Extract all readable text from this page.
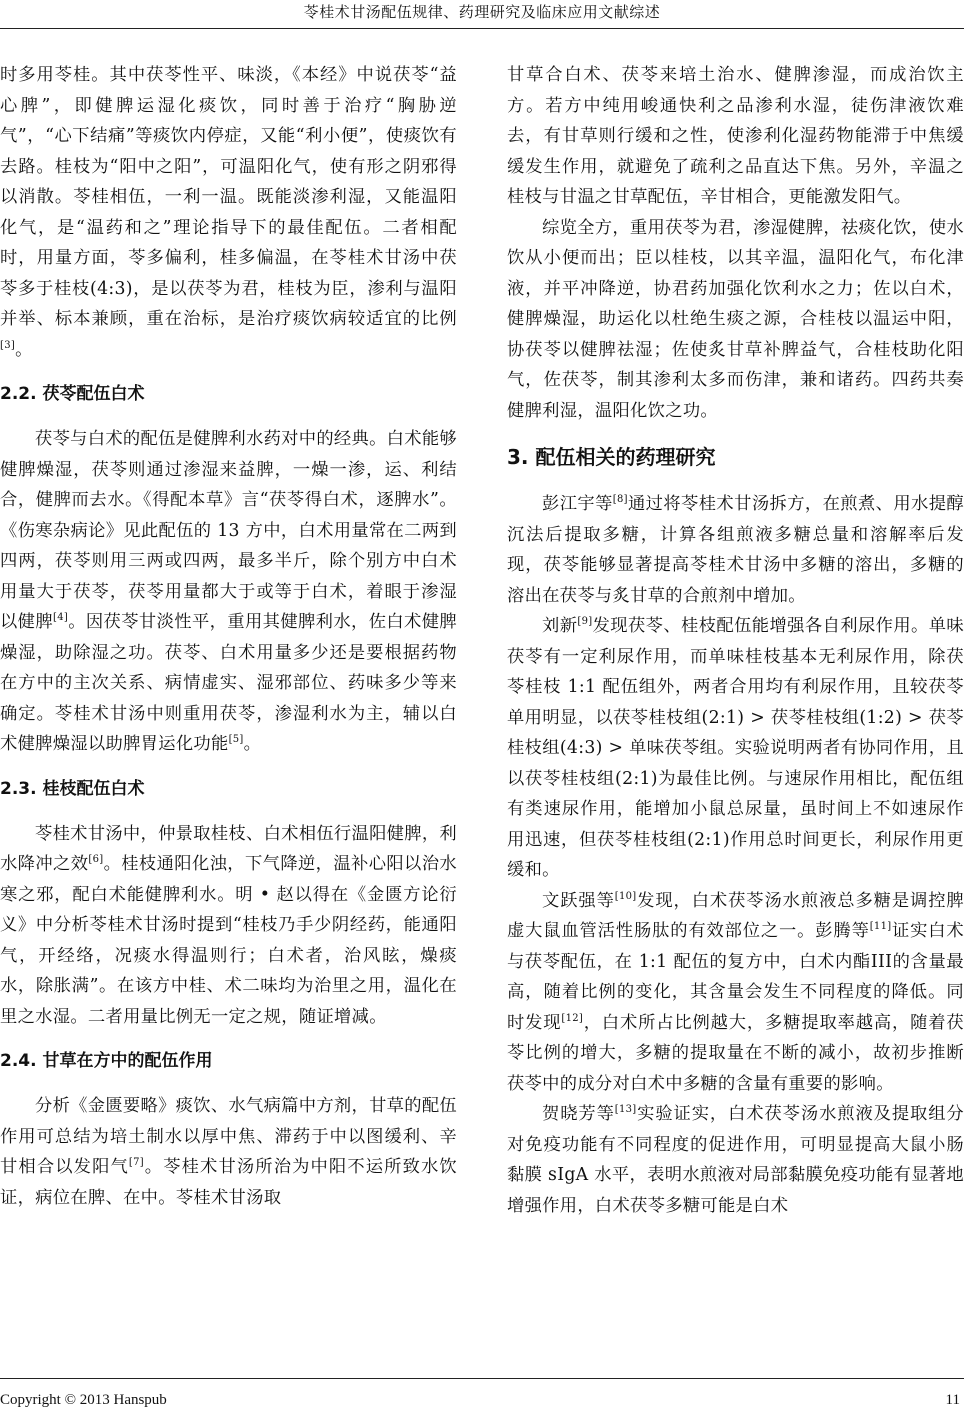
苓桂术甘汤配伍规律、药理研究及临床应用文献综述

时多用苓桂。其中茯苓性平、味淡，《本经》中说茯苓“益心脾”，即健脾运湿化痰饮，同时善于治疗“胸胁逆气”，“心下结痛”等痰饮内停症，又能“利小便”，使痰饮有去路。桂枝为“阳中之阳”，可温阳化气，使有形之阴邪得以消散。苓桂相伍，一利一温。既能淡渗利湿，又能温阳化气，是“温药和之”理论指导下的最佳配伍。二者相配时，用量方面，苓多偏利，桂多偏温，在苓桂术甘汤中茯苓多于桂枝(4:3)，是以茯苓为君，桂枝为臣，渗利与温阳并举、标本兼顾，重在治标，是治疗痰饮病较适宜的比例[3]。

2.2. 茯苓配伍白术

茯苓与白术的配伍是健脾利水药对中的经典。白术能够健脾燥湿，茯苓则通过渗湿来益脾，一燥一渗，运、利结合，健脾而去水。《得配本草》言“茯苓得白术，逐脾水”。《伤寒杂病论》见此配伍的 13 方中，白术用量常在二两到四两，茯苓则用三两或四两，最多半斤，除个别方中白术用量大于茯苓，茯苓用量都大于或等于白术，着眼于渗湿以健脾[4]。因茯苓甘淡性平，重用其健脾利水，佐白术健脾燥湿，助除湿之功。茯苓、白术用量多少还是要根据药物在方中的主次关系、病情虚实、湿邪部位、药味多少等来确定。苓桂术甘汤中则重用茯苓，渗湿利水为主，辅以白术健脾燥湿以助脾胃运化功能[5]。

2.3. 桂枝配伍白术

苓桂术甘汤中，仲景取桂枝、白术相伍行温阳健脾，利水降冲之效[6]。桂枝通阳化浊，下气降逆，温补心阳以治水寒之邪，配白术能健脾利水。明 • 赵以得在《金匮方论衍义》中分析苓桂术甘汤时提到“桂枝乃手少阴经药，能通阳气，开经络，况痰水得温则行；白术者，治风眩，燥痰水，除胀满”。在该方中桂、术二味均为治里之用，温化在里之水湿。二者用量比例无一定之规，随证增减。

2.4. 甘草在方中的配伍作用

分析《金匮要略》痰饮、水气病篇中方剂，甘草的配伍作用可总结为培土制水以厚中焦、滞药于中以图缓利、辛甘相合以发阳气[7]。苓桂术甘汤所治为中阳不运所致水饮证，病位在脾、在中。苓桂术甘汤取

甘草合白术、茯苓来培土治水、健脾渗湿，而成治饮主方。若方中纯用峻通快利之品渗利水湿，徒伤津液饮难去，有甘草则行缓和之性，使渗利化湿药物能滞于中焦缓缓发生作用，就避免了疏利之品直达下焦。另外，辛温之桂枝与甘温之甘草配伍，辛甘相合，更能激发阳气。

综览全方，重用茯苓为君，渗湿健脾，祛痰化饮，使水饮从小便而出；臣以桂枝，以其辛温，温阳化气，布化津液，并平冲降逆，协君药加强化饮利水之力；佐以白术，健脾燥湿，助运化以杜绝生痰之源，合桂枝以温运中阳，协茯苓以健脾祛湿；佐使炙甘草补脾益气，合桂枝助化阳气，佐茯苓，制其渗利太多而伤津，兼和诸药。四药共奏健脾利湿，温阳化饮之功。

3. 配伍相关的药理研究

彭江宇等[8]通过将苓桂术甘汤拆方，在煎煮、用水提醇沉法后提取多糖，计算各组煎液多糖总量和溶解率后发现，茯苓能够显著提高苓桂术甘汤中多糖的溶出，多糖的溶出在茯苓与炙甘草的合煎剂中增加。

刘新[9]发现茯苓、桂枝配伍能增强各自利尿作用。单味茯苓有一定利尿作用，而单味桂枝基本无利尿作用，除茯苓桂枝 1:1 配伍组外，两者合用均有利尿作用，且较茯苓单用明显，以茯苓桂枝组(2:1) > 茯苓桂枝组(1:2) > 茯苓桂枝组(4:3) > 单味茯苓组。实验说明两者有协同作用，且以茯苓桂枝组(2:1)为最佳比例。与速尿作用相比，配伍组有类速尿作用，能增加小鼠总尿量，虽时间上不如速尿作用迅速，但茯苓桂枝组(2:1)作用总时间更长，利尿作用更缓和。

文跃强等[10]发现，白术茯苓汤水煎液总多糖是调控脾虚大鼠血管活性肠肽的有效部位之一。彭腾等[11]证实白术与茯苓配伍，在 1:1 配伍的复方中，白术内酯III的含量最高，随着比例的变化，其含量会发生不同程度的降低。同时发现[12]，白术所占比例越大，多糖提取率越高，随着茯苓比例的增大，多糖的提取量在不断的减小，故初步推断茯苓中的成分对白术中多糖的含量有重要的影响。

贺晓芳等[13]实验证实，白术茯苓汤水煎液及提取组分对免疫功能有不同程度的促进作用，可明显提高大鼠小肠黏膜 sIgA 水平，表明水煎液对局部黏膜免疫功能有显著地增强作用，白术茯苓多糖可能是白术

Copyright © 2013 Hanspub	11
